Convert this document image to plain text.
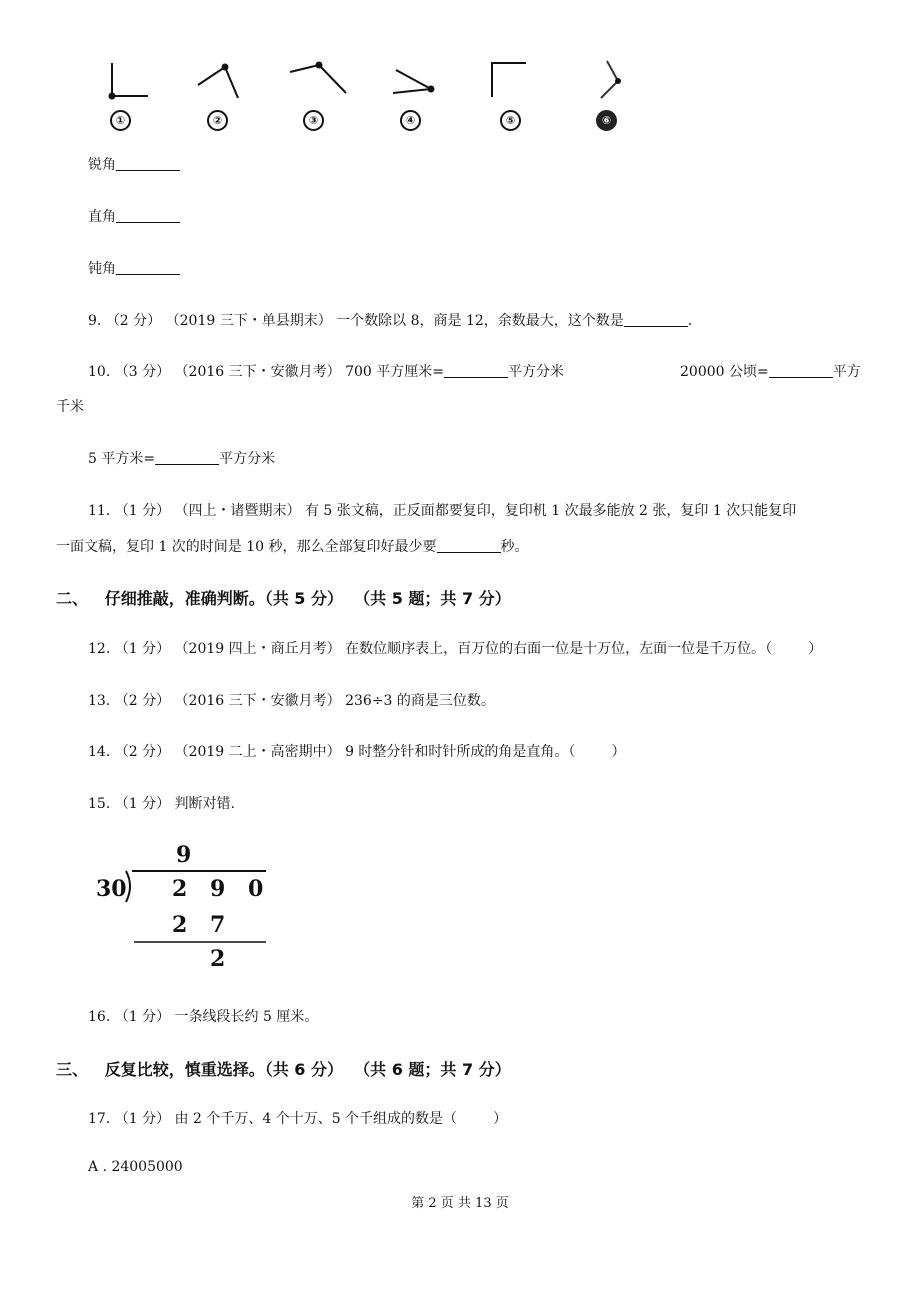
①	②	③	④	⑤	⑥
锐角
直角
钝角
9. （2 分） （2019 三下・单县期末） 一个数除以 8，商是 12，余数最大，这个数是	.
10. （3 分） （2016 三下・安徽月考） 700 平方厘米=	平方分米	20000 公顷=	平方
千米
5 平方米=	平方分米
11. （1 分） （四上・诸暨期末） 有 5 张文稿，正反面都要复印，复印机 1 次最多能放 2 张，复印 1 次只能复印
一面文稿，复印 1 次的时间是 10 秒，那么全部复印好最少要	秒。
二、 仔细推敲，准确判断。（共 5 分） （共 5 题；共 7 分）
12. （1 分） （2019 四上・商丘月考） 在数位顺序表上，百万位的右面一位是十万位，左面一位是千万位。（	）
13. （2 分） （2016 三下・安徽月考） 236÷3 的商是三位数。
14. （2 分） （2019 二上・高密期中） 9 时整分针和时针所成的角是直角。（	）
15. （1 分） 判断对错.
9
30 2 9 0
2 7
2
16. （1 分） 一条线段长约 5 厘米。
三、 反复比较，慎重选择。（共 6 分） （共 6 题；共 7 分）
17. （1 分） 由 2 个千万、4 个十万、5 个千组成的数是（	）
A . 24005000
第 2 页 共 13 页
